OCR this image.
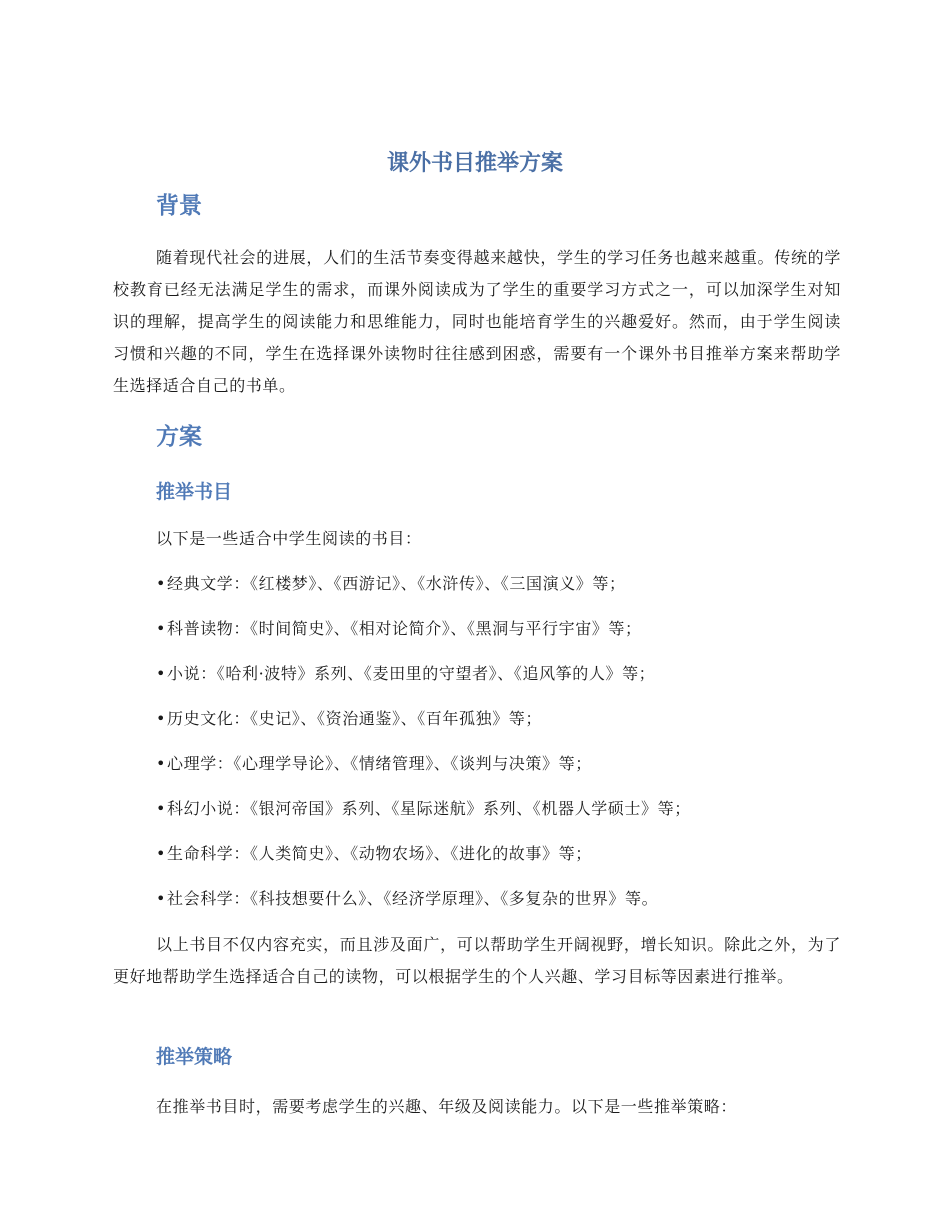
课外书目推举方案
背景

随着现代社会的进展，人们的生活节奏变得越来越快，学生的学习任务也越来越重。传统的学校教育已经无法满足学生的需求，而课外阅读成为了学生的重要学习方式之一，可以加深学生对知识的理解，提高学生的阅读能力和思维能力，同时也能培育学生的兴趣爱好。然而，由于学生阅读习惯和兴趣的不同，学生在选择课外读物时往往感到困惑，需要有一个课外书目推举方案来帮助学生选择适合自己的书单。

方案
推举书目

以下是一些适合中学生阅读的书目：

•经典文学：《红楼梦》、《西游记》、《水浒传》、《三国演义》等；

•科普读物：《时间简史》、《相对论简介》、《黑洞与平行宇宙》等；

•小说：《哈利·波特》系列、《麦田里的守望者》、《追风筝的人》等；

•历史文化：《史记》、《资治通鉴》、《百年孤独》等；

•心理学：《心理学导论》、《情绪管理》、《谈判与决策》等；

•科幻小说：《银河帝国》系列、《星际迷航》系列、《机器人学硕士》等；

•生命科学：《人类简史》、《动物农场》、《进化的故事》等；

•社会科学：《科技想要什么》、《经济学原理》、《多复杂的世界》等。

以上书目不仅内容充实，而且涉及面广，可以帮助学生开阔视野，增长知识。除此之外，为了更好地帮助学生选择适合自己的读物，可以根据学生的个人兴趣、学习目标等因素进行推举。

推举策略

在推举书目时，需要考虑学生的兴趣、年级及阅读能力。以下是一些推举策略：
